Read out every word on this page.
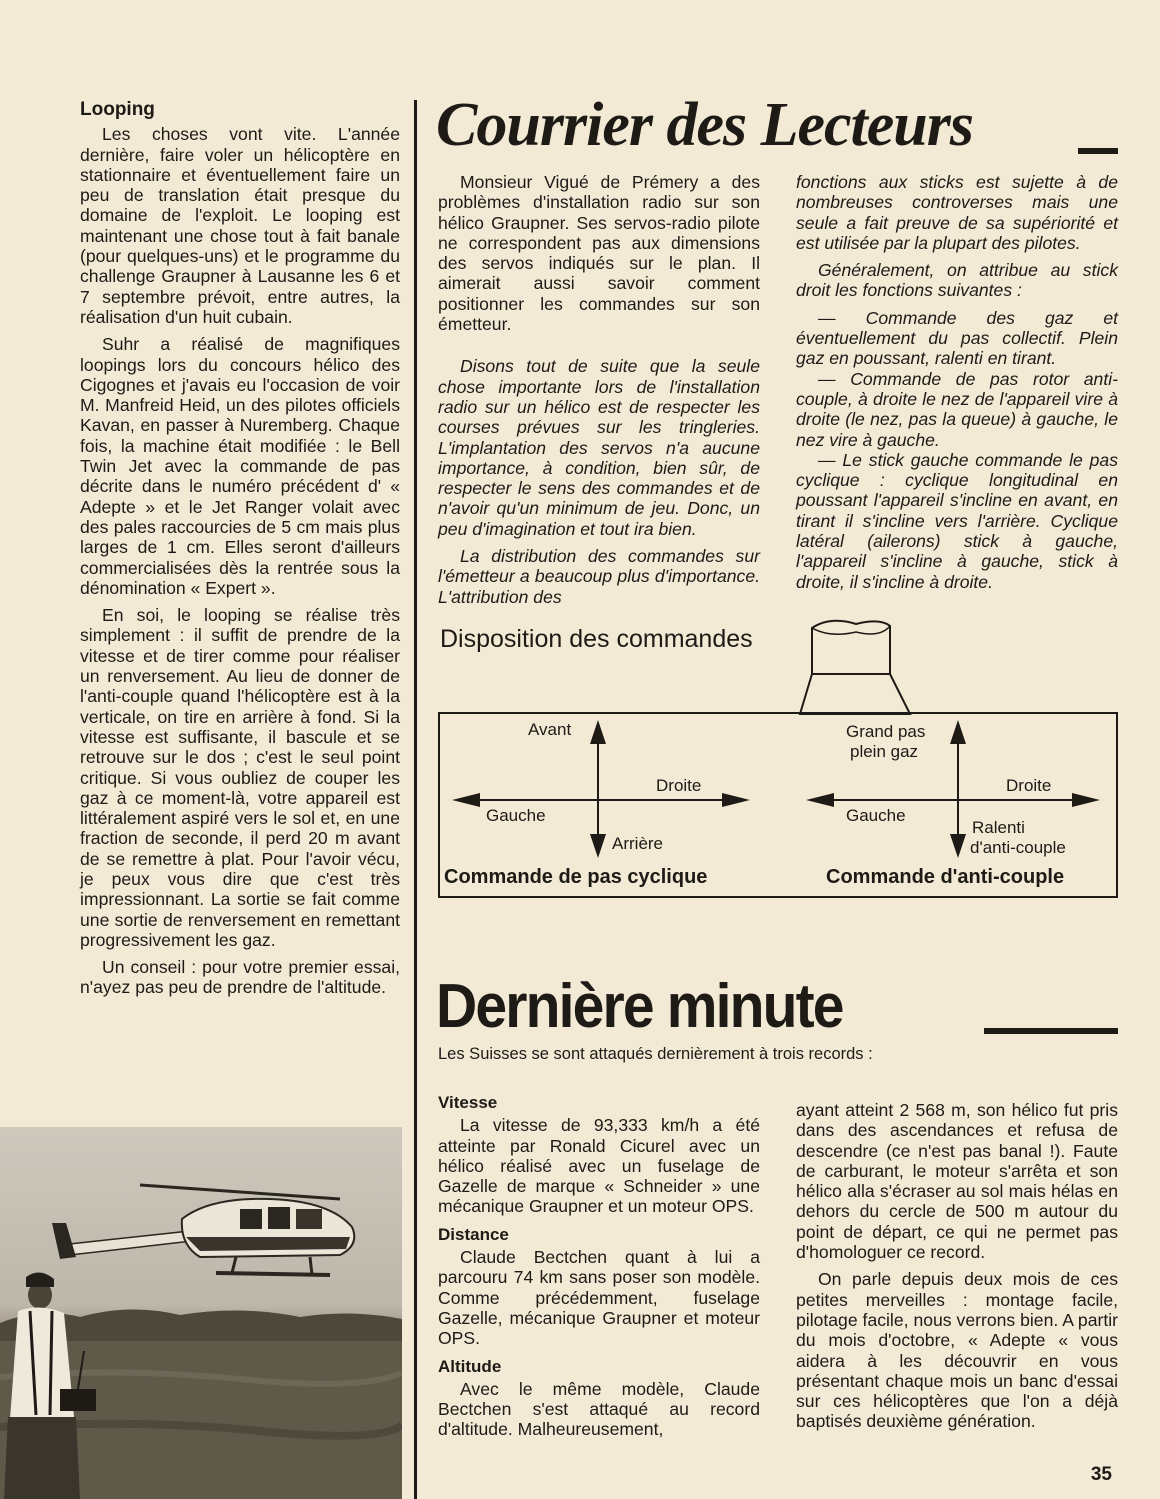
Looping

Les choses vont vite. L'année dernière, faire voler un hélicoptère en stationnaire et éventuellement faire un peu de translation était presque du domaine de l'exploit. Le looping est maintenant une chose tout à fait banale (pour quelques-uns) et le programme du challenge Graupner à Lausanne les 6 et 7 septembre prévoit, entre autres, la réalisation d'un huit cubain.

Suhr a réalisé de magnifiques loopings lors du concours hélico des Cigognes et j'avais eu l'occasion de voir M. Manfreid Heid, un des pilotes officiels Kavan, en passer à Nuremberg. Chaque fois, la machine était modifiée : le Bell Twin Jet avec la commande de pas décrite dans le numéro précédent d' « Adepte » et le Jet Ranger volait avec des pales raccourcies de 5 cm mais plus larges de 1 cm. Elles seront d'ailleurs commercialisées dès la rentrée sous la dénomination « Expert ».

En soi, le looping se réalise très simplement : il suffit de prendre de la vitesse et de tirer comme pour réaliser un renversement. Au lieu de donner de l'anti-couple quand l'hélicoptère est à la verticale, on tire en arrière à fond. Si la vitesse est suffisante, il bascule et se retrouve sur le dos ; c'est le seul point critique. Si vous oubliez de couper les gaz à ce moment-là, votre appareil est littéralement aspiré vers le sol et, en une fraction de seconde, il perd 20 m avant de se remettre à plat. Pour l'avoir vécu, je peux vous dire que c'est très impressionnant. La sortie se fait comme une sortie de renversement en remettant progressivement les gaz.

Un conseil : pour votre premier essai, n'ayez pas peu de prendre de l'altitude.

Courrier des Lecteurs

Monsieur Vigué de Prémery a des problèmes d'installation radio sur son hélico Graupner. Ses servos-radio pilote ne correspondent pas aux dimensions des servos indiqués sur le plan. Il aimerait aussi savoir comment positionner les commandes sur son émetteur.

Disons tout de suite que la seule chose importante lors de l'installation radio sur un hélico est de respecter les courses prévues sur les tringleries. L'implantation des servos n'a aucune importance, à condition, bien sûr, de respecter le sens des commandes et de n'avoir qu'un minimum de jeu. Donc, un peu d'imagination et tout ira bien.

La distribution des commandes sur l'émetteur a beaucoup plus d'importance. L'attribution des

fonctions aux sticks est sujette à de nombreuses controverses mais une seule a fait preuve de sa supériorité et est utilisée par la plupart des pilotes.

Généralement, on attribue au stick droit les fonctions suivantes :

— Commande des gaz et éventuellement du pas collectif. Plein gaz en poussant, ralenti en tirant.

— Commande de pas rotor anti-couple, à droite le nez de l'appareil vire à droite (le nez, pas la queue) à gauche, le nez vire à gauche.

— Le stick gauche commande le pas cyclique : cyclique longitudinal en poussant l'appareil s'incline en avant, en tirant il s'incline vers l'arrière. Cyclique latéral (ailerons) stick à gauche, l'appareil s'incline à gauche, stick à droite, il s'incline à droite.

Disposition des commandes
Avant
Droite
Gauche
Arrière
Commande de pas cyclique
Grand pas
plein gaz
Droite
Gauche
Ralenti
d'anti-couple
Commande d'anti-couple
Dernière minute
Les Suisses se sont attaqués dernièrement à trois records :
Vitesse

La vitesse de 93,333 km/h a été atteinte par Ronald Cicurel avec un hélico réalisé avec un fuselage de Gazelle de marque « Schneider » une mécanique Graupner et un moteur OPS.

Distance

Claude Bectchen quant à lui a parcouru 74 km sans poser son modèle. Comme précédemment, fuselage Gazelle, mécanique Graupner et moteur OPS.

Altitude

Avec le même modèle, Claude Bectchen s'est attaqué au record d'altitude. Malheureusement,

ayant atteint 2 568 m, son hélico fut pris dans des ascendances et refusa de descendre (ce n'est pas banal !). Faute de carburant, le moteur s'arrêta et son hélico alla s'écraser au sol mais hélas en dehors du cercle de 500 m autour du point de départ, ce qui ne permet pas d'homologuer ce record.

On parle depuis deux mois de ces petites merveilles : montage facile, pilotage facile, nous verrons bien. A partir du mois d'octobre, « Adepte « vous aidera à les découvrir en vous présentant chaque mois un banc d'essai sur ces hélicoptères que l'on a déjà baptisés deuxième génération.

35
